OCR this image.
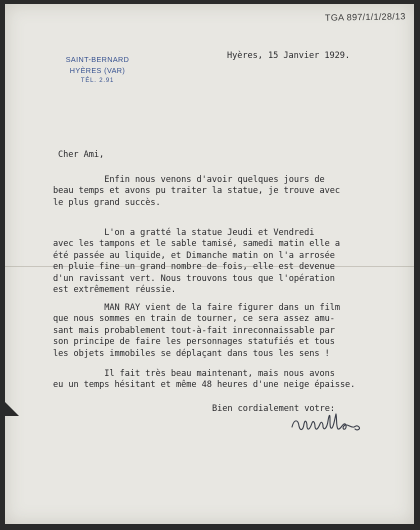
TGA 897/1/1/28/13
SAINT-BERNARD
HYÈRES (VAR)
TÉL. 2.91
Hyères, 15 Janvier 1929.
Cher Ami,
Enfin nous venons d'avoir quelques jours de
beau temps et avons pu traiter la statue, je trouve avec
le plus grand succès.
L'on a gratté la statue Jeudi et Vendredi
avec les tampons et le sable tamisé, samedi matin elle a
été passée au liquide, et Dimanche matin on l'a arrosée
en pluie fine un grand nombre de fois, elle est devenue
d'un ravissant vert. Nous trouvons tous que l'opération
est extrêmement réussie.
MAN RAY vient de la faire figurer dans un film
que nous sommes en train de tourner, ce sera assez amu-
sant mais probablement tout-à-fait inreconnaissable par
son principe de faire les personnages statufiés et tous
les objets immobiles se déplaçant dans tous les sens !
Il fait très beau maintenant, mais nous avons
eu un temps hésitant et même 48 heures d'une neige épaisse.
Bien cordialement votre:
